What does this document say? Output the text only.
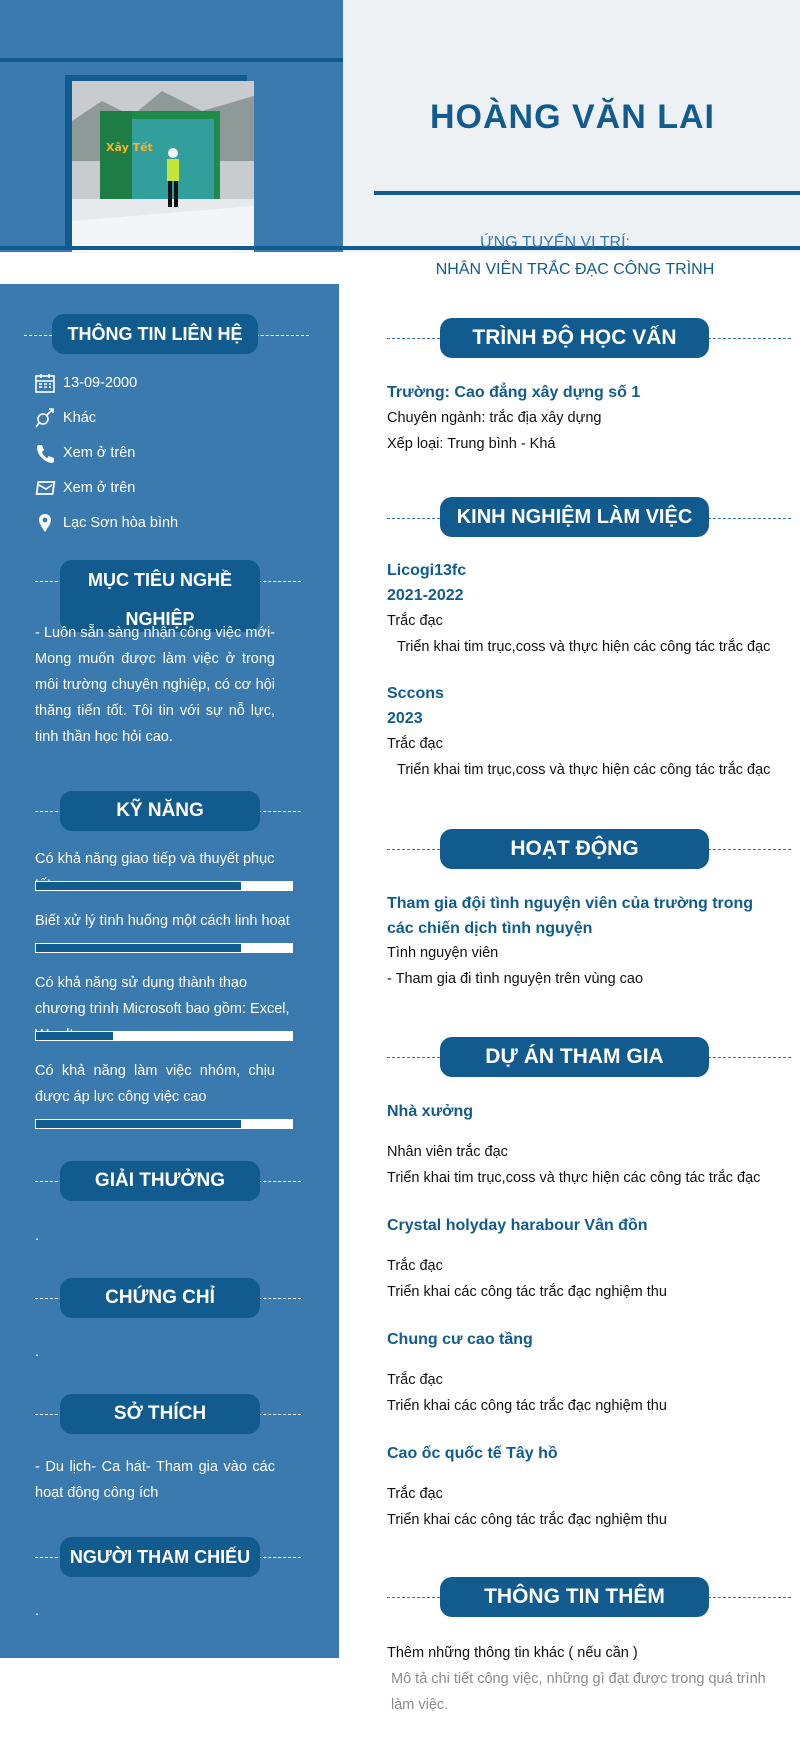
Xây Tết
HOÀNG VĂN LAI
ỨNG TUYỂN VỊ TRÍ:
NHÂN VIÊN TRẮC ĐẠC CÔNG TRÌNH
THÔNG TIN LIÊN HỆ
13-09-2000
Khác
Xem ở trên
Xem ở trên
Lạc Sơn hòa bình
MỤC TIÊU NGHỀ
NGHIỆP
- Luôn sẵn sàng nhận công việc mới- Mong muốn được làm việc ở trong môi trường chuyên nghiệp, có cơ hội thăng tiến tốt. Tôi tin với sự nỗ lực, tinh thần học hỏi cao.
KỸ NĂNG
Có khả năng giao tiếp và thuyết phục
Biết xử lý tình huống một cách linh hoạt
Có khả năng sử dụng thành thạo chương trình Microsoft bao gồm: Excel,
Có khả năng làm việc nhóm, chịu được áp lực công việc cao
GIẢI THƯỞNG
.
CHỨNG CHỈ
.
SỞ THÍCH
- Du lịch- Ca hát- Tham gia vào các hoạt động công ích
NGƯỜI THAM CHIẾU
.
TRÌNH ĐỘ HỌC VẤN
Trường: Cao đẳng xây dựng số 1
Chuyên ngành: trắc địa xây dựng
Xếp loại: Trung bình - Khá
KINH NGHIỆM LÀM VIỆC
Licogi13fc
2021-2022
Trắc đạc
Triển khai tim trục,coss và thực hiện các công tác trắc đạc
Sccons
2023
Trắc đạc
Triển khai tim trục,coss và thực hiện các công tác trắc đạc
HOẠT ĐỘNG
Tham gia đội tình nguyện viên của trường trong các chiến dịch tình nguyện
Tình nguyện viên
- Tham gia đi tình nguyện trên vùng cao
DỰ ÁN THAM GIA
Nhà xưởng
Nhân viên trắc đạc
Triển khai tim trục,coss và thực hiện các công tác trắc đạc
Crystal holyday harabour Vân đồn
Trắc đạc
Triển khai các công tác trắc đạc nghiệm thu
Chung cư cao tầng
Trắc đạc
Triển khai các công tác trắc đạc nghiệm thu
Cao ốc quốc tế Tây hồ
Trắc đạc
Triển khai các công tác trắc đạc nghiệm thu
THÔNG TIN THÊM
Thêm những thông tin khác ( nếu cần )
Mô tả chi tiết công việc, những gì đạt được trong quá trình làm việc.
